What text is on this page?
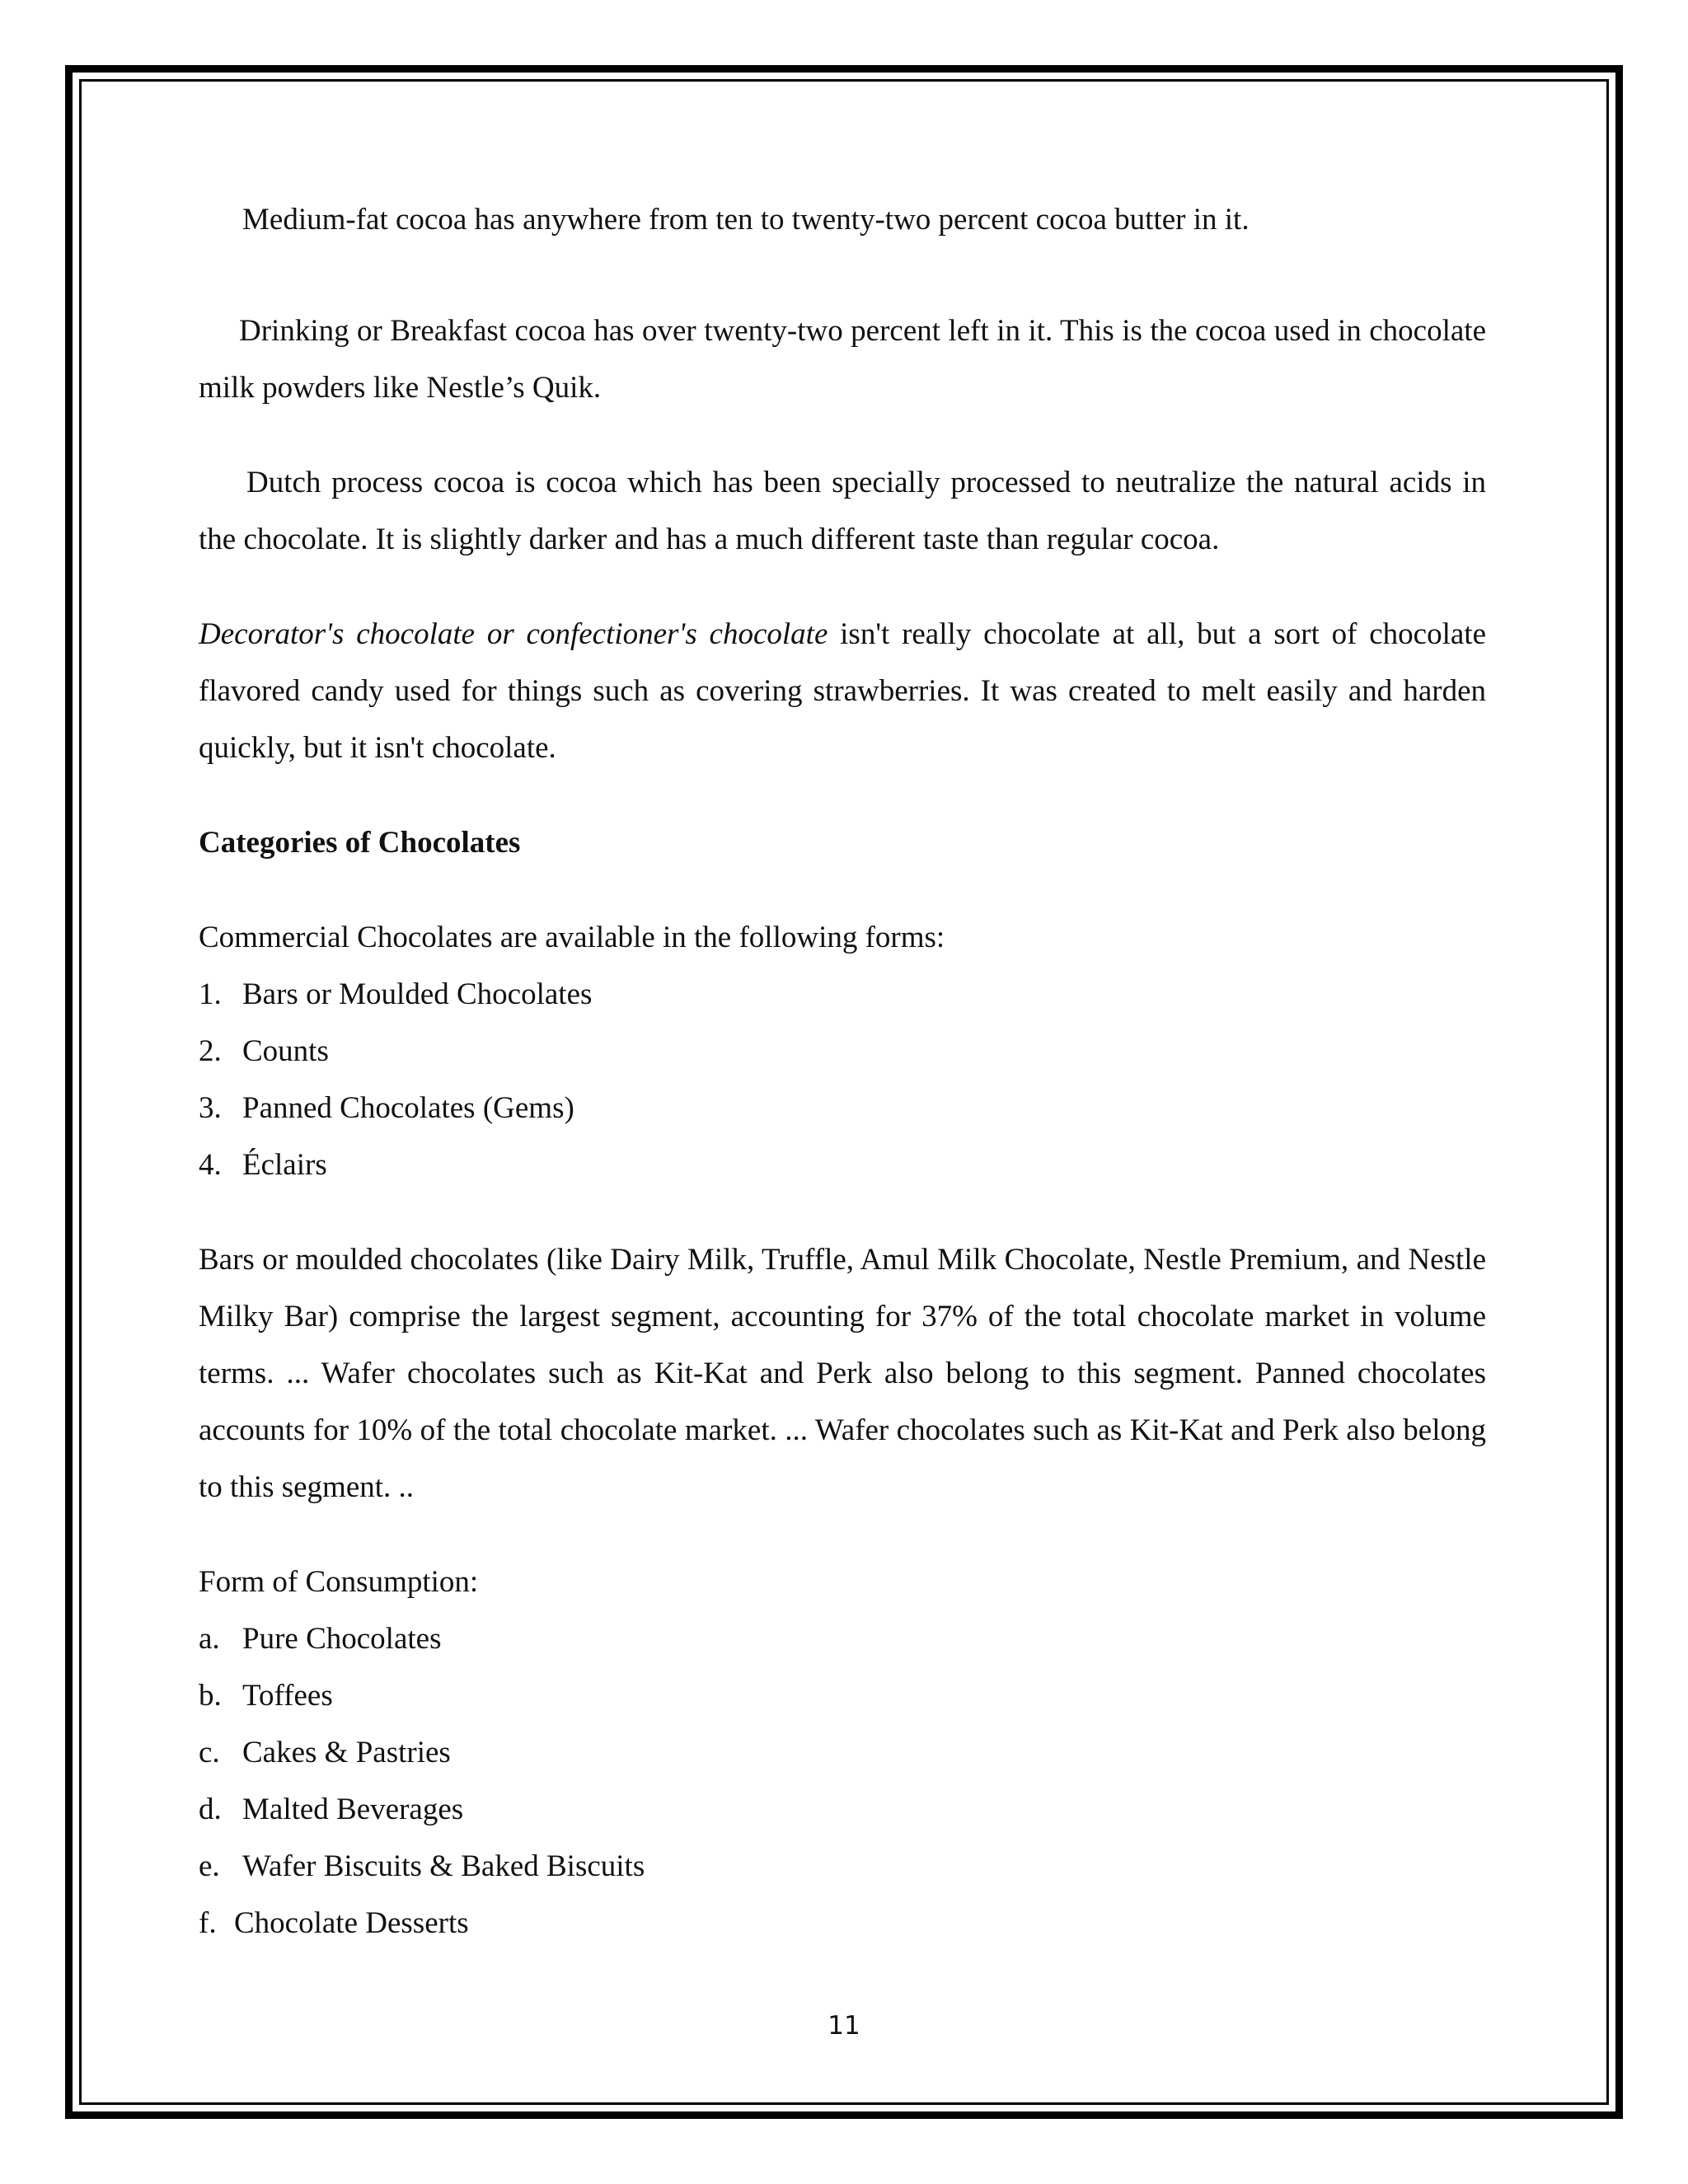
Medium-fat cocoa has anywhere from ten to twenty-two percent cocoa butter in it.

Drinking or Breakfast cocoa has over twenty-two percent left in it. This is the cocoa used in chocolate milk powders like Nestle’s Quik.

Dutch process cocoa is cocoa which has been specially processed to neutralize the natural acids in the chocolate. It is slightly darker and has a much different taste than regular cocoa.

Decorator's chocolate or confectioner's chocolate isn't really chocolate at all, but a sort of chocolate flavored candy used for things such as covering strawberries. It was created to melt easily and harden quickly, but it isn't chocolate.

Categories of Chocolates

Commercial Chocolates are available in the following forms:

1. Bars or Moulded Chocolates
2. Counts
3. Panned Chocolates (Gems)
4. Éclairs

Bars or moulded chocolates (like Dairy Milk, Truffle, Amul Milk Chocolate, Nestle Premium, and Nestle Milky Bar) comprise the largest segment, accounting for 37% of the total chocolate market in volume terms. ... Wafer chocolates such as Kit-Kat and Perk also belong to this segment. Panned chocolates accounts for 10% of the total chocolate market. ... Wafer chocolates such as Kit-Kat and Perk also belong to this segment. ..

Form of Consumption:

a. Pure Chocolates
b. Toffees
c. Cakes & Pastries
d. Malted Beverages
e. Wafer Biscuits & Baked Biscuits
f. Chocolate Desserts
11
